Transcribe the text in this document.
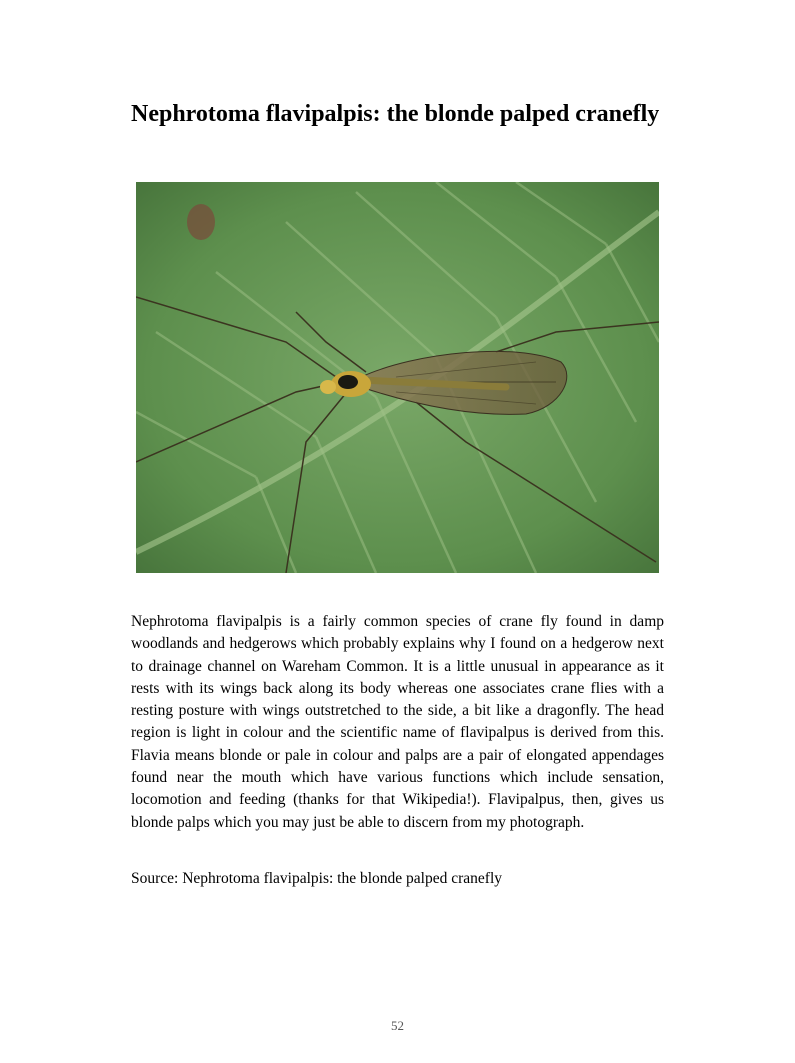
Nephrotoma flavipalpis: the blonde palped cranefly

Nephrotoma flavipalpis is a fairly common species of crane fly found in damp woodlands and hedgerows which probably explains why I found on a hedgerow next to drainage channel on Wareham Common. It is a little unusual in appearance as it rests with its wings back along its body whereas one associates crane flies with a resting posture with wings outstretched to the side, a bit like a dragonfly. The head region is light in colour and the scientific name of flavipalpus is derived from this. Flavia means blonde or pale in colour and palps are a pair of elongated appendages found near the mouth which have various functions which include sensation, locomotion and feeding (thanks for that Wikipedia!). Flavipalpus, then, gives us blonde palps which you may just be able to discern from my photograph.

Source: Nephrotoma flavipalpis: the blonde palped cranefly

52
